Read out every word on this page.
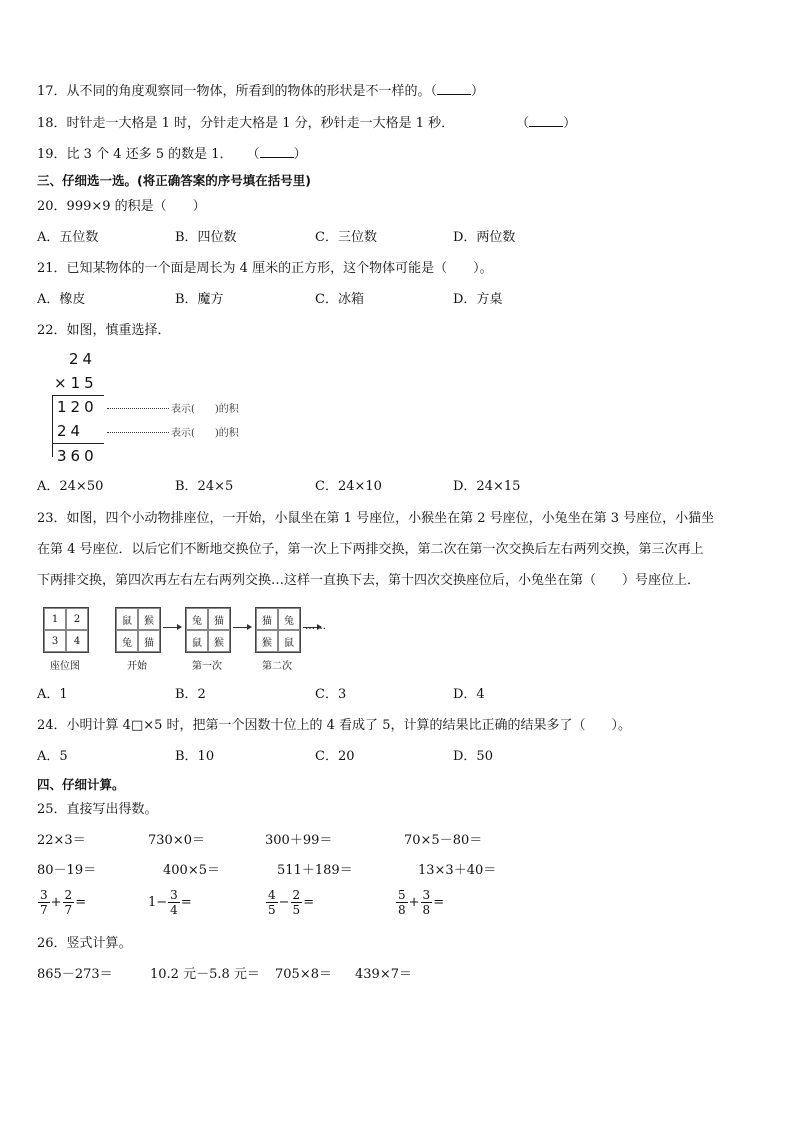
17．从不同的角度观察同一物体，所看到的物体的形状是不一样的。（	）
18．时针走一大格是 1 时，分针走大格是 1 分，秒针走一大格是 1 秒．	（	）
19．比 3 个 4 还多 5 的数是 1． （	）
三、仔细选一选。(将正确答案的序号填在括号里)
20．999×9 的积是（　　）
A．五位数	B．四位数	C．三位数	D．两位数
21．已知某物体的一个面是周长为 4 厘米的正方形，这个物体可能是（　　）。
A．橡皮	B．魔方	C．冰箱	D．方桌
22．如图，慎重选择．
24
×15
120	表示(　　)的积
24	表示(　　)的积
360
A．24×50	B．24×5	C．24×10	D．24×15
23．如图，四个小动物排座位，一开始，小鼠坐在第 1 号座位，小猴坐在第 2 号座位，小兔坐在第 3 号座位，小猫坐
在第 4 号座位．以后它们不断地交换位子，第一次上下两排交换，第二次在第一次交换后左右两列交换，第三次再上
下两排交换，第四次再左右左右两列交换…这样一直换下去，第十四次交换座位后，小兔坐在第（　　）号座位上．
1	2
3	4
座位图
鼠	猴
兔	猫
开始
兔	猫
鼠	猴
第一次
猫	兔
猴	鼠
第二次
……
A．1	B．2	C．3	D．4
24．小明计算 4□×5 时，把第一个因数十位上的 4 看成了 5，计算的结果比正确的结果多了（　　）。
A．5	B．10	C．20	D．50
四、仔细计算。
25．直接写出得数。
22×3＝	730×0＝	300＋99＝	70×5－80＝
80－19＝	400×5＝	511＋189＝	13×3＋40＝
$\frac{3}{7} + \frac{2}{7}$ =	$1- \frac{3}{4}$ =	$\frac{4}{5} - \frac{2}{5}$ =	$\frac{5}{8} + \frac{3}{8}$ =
26．竖式计算。
865－273＝	10.2 元－5.8 元＝ 705×8＝ 439×7＝
